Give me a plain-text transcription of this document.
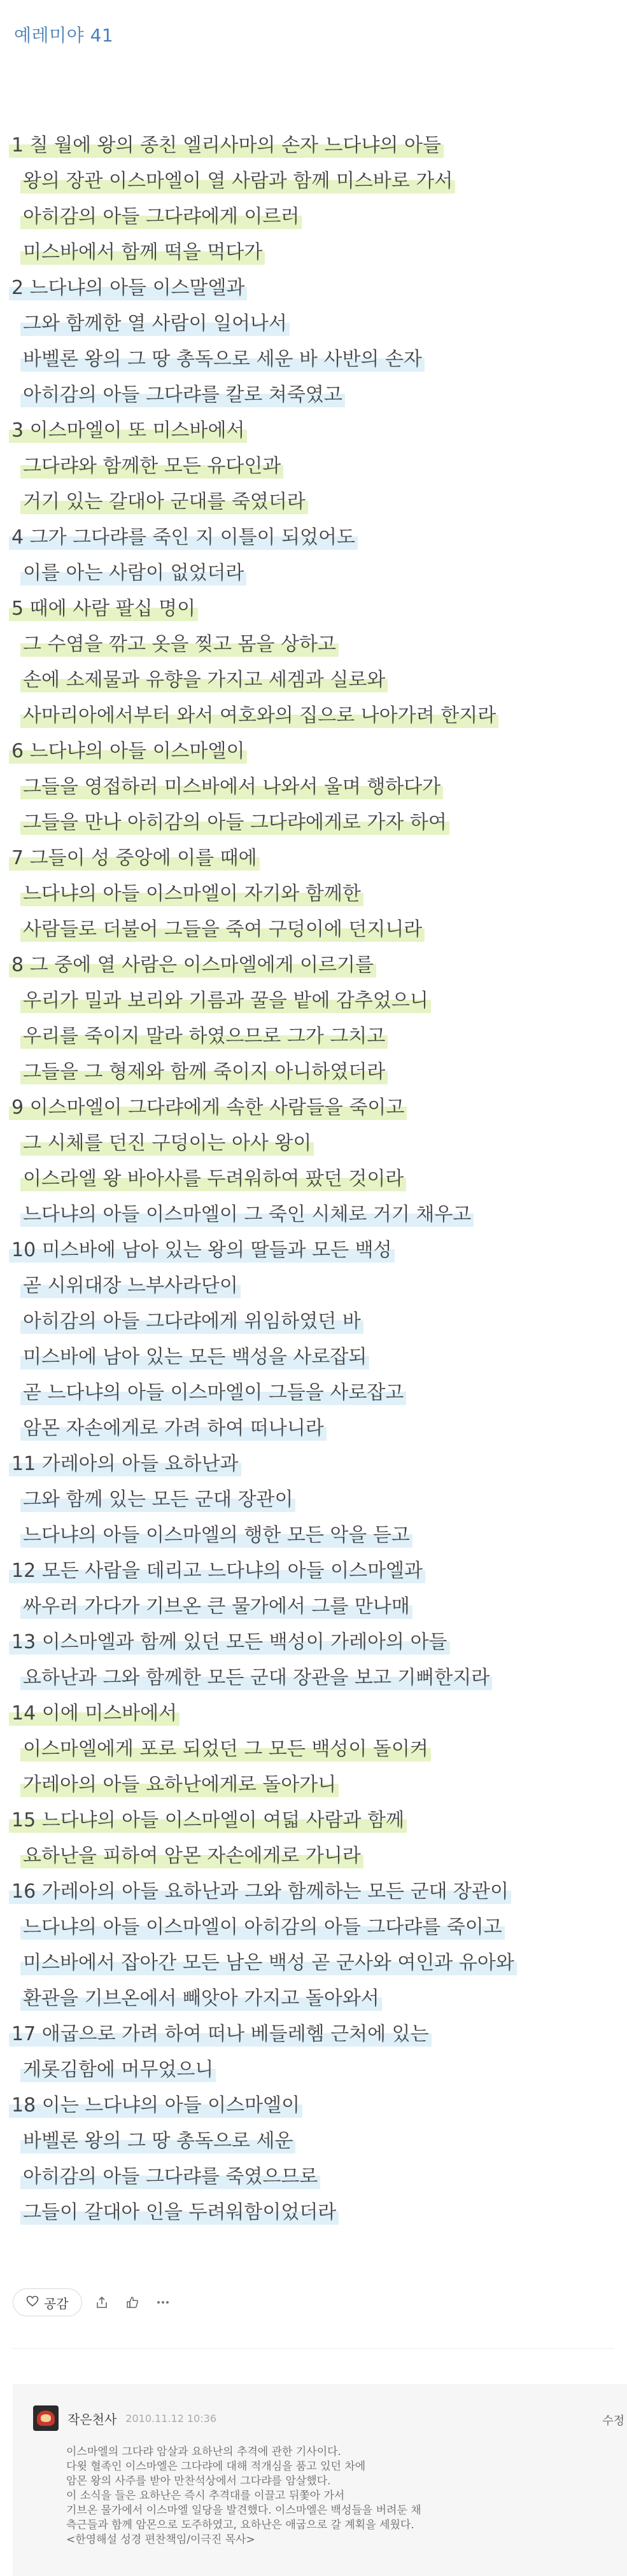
예레미야 41
1 칠 월에 왕의 종친 엘리사마의 손자 느다냐의 아들
왕의 장관 이스마엘이 열 사람과 함께 미스바로 가서
아히감의 아들 그다랴에게 이르러
미스바에서 함께 떡을 먹다가
2 느다냐의 아들 이스말엘과
그와 함께한 열 사람이 일어나서
바벨론 왕의 그 땅 총독으로 세운 바 사반의 손자
아히감의 아들 그다랴를 칼로 쳐죽였고
3 이스마엘이 또 미스바에서
그다랴와 함께한 모든 유다인과
거기 있는 갈대아 군대를 죽였더라
4 그가 그다랴를 죽인 지 이틀이 되었어도
이를 아는 사람이 없었더라
5 때에 사람 팔십 명이
그 수염을 깎고 옷을 찢고 몸을 상하고
손에 소제물과 유향을 가지고 세겜과 실로와
사마리아에서부터 와서 여호와의 집으로 나아가려 한지라
6 느다냐의 아들 이스마엘이
그들을 영접하러 미스바에서 나와서 울며 행하다가
그들을 만나 아히감의 아들 그다랴에게로 가자 하여
7 그들이 성 중앙에 이를 때에
느다냐의 아들 이스마엘이 자기와 함께한
사람들로 더불어 그들을 죽여 구덩이에 던지니라
8 그 중에 열 사람은 이스마엘에게 이르기를
우리가 밀과 보리와 기름과 꿀을 밭에 감추었으니
우리를 죽이지 말라 하였으므로 그가 그치고
그들을 그 형제와 함께 죽이지 아니하였더라
9 이스마엘이 그다랴에게 속한 사람들을 죽이고
그 시체를 던진 구덩이는 아사 왕이
이스라엘 왕 바아사를 두려워하여 팠던 것이라
느다냐의 아들 이스마엘이 그 죽인 시체로 거기 채우고
10 미스바에 남아 있는 왕의 딸들과 모든 백성
곧 시위대장 느부사라단이
아히감의 아들 그다랴에게 위임하였던 바
미스바에 남아 있는 모든 백성을 사로잡되
곧 느다냐의 아들 이스마엘이 그들을 사로잡고
암몬 자손에게로 가려 하여 떠나니라
11 가레아의 아들 요하난과
그와 함께 있는 모든 군대 장관이
느다냐의 아들 이스마엘의 행한 모든 악을 듣고
12 모든 사람을 데리고 느다냐의 아들 이스마엘과
싸우러 가다가 기브온 큰 물가에서 그를 만나매
13 이스마엘과 함께 있던 모든 백성이 가레아의 아들
요하난과 그와 함께한 모든 군대 장관을 보고 기뻐한지라
14 이에 미스바에서
이스마엘에게 포로 되었던 그 모든 백성이 돌이켜
가레아의 아들 요하난에게로 돌아가니
15 느다냐의 아들 이스마엘이 여덟 사람과 함께
요하난을 피하여 암몬 자손에게로 가니라
16 가레아의 아들 요하난과 그와 함께하는 모든 군대 장관이
느다냐의 아들 이스마엘이 아히감의 아들 그다랴를 죽이고
미스바에서 잡아간 모든 남은 백성 곧 군사와 여인과 유아와
환관을 기브온에서 빼앗아 가지고 돌아와서
17 애굽으로 가려 하여 떠나 베들레헴 근처에 있는
게롯김함에 머무었으니
18 이는 느다냐의 아들 이스마엘이
바벨론 왕의 그 땅 총독으로 세운
아히감의 아들 그다랴를 죽였으므로
그들이 갈대아 인을 두려워함이었더라
공감
작은천사 2010.11.12 10:36	수정
이스마엘의 그다랴 암살과 요하난의 추격에 관한 기사이다.
다윗 혈족인 이스마엘은 그다랴에 대해 적개심을 품고 있던 차에
암몬 왕의 사주를 받아 만찬석상에서 그다랴를 암살했다.
이 소식을 들은 요하난은 즉시 추격대를 이끌고 뒤쫓아 가서
기브온 물가에서 이스마엘 일당을 발견했다. 이스마엘은 백성들을 버려둔 채
측근들과 함께 암몬으로 도주하였고, 요하난은 애굽으로 갈 계획을 세웠다.
<한영해설 성경 편찬책임/이극진 목사>
